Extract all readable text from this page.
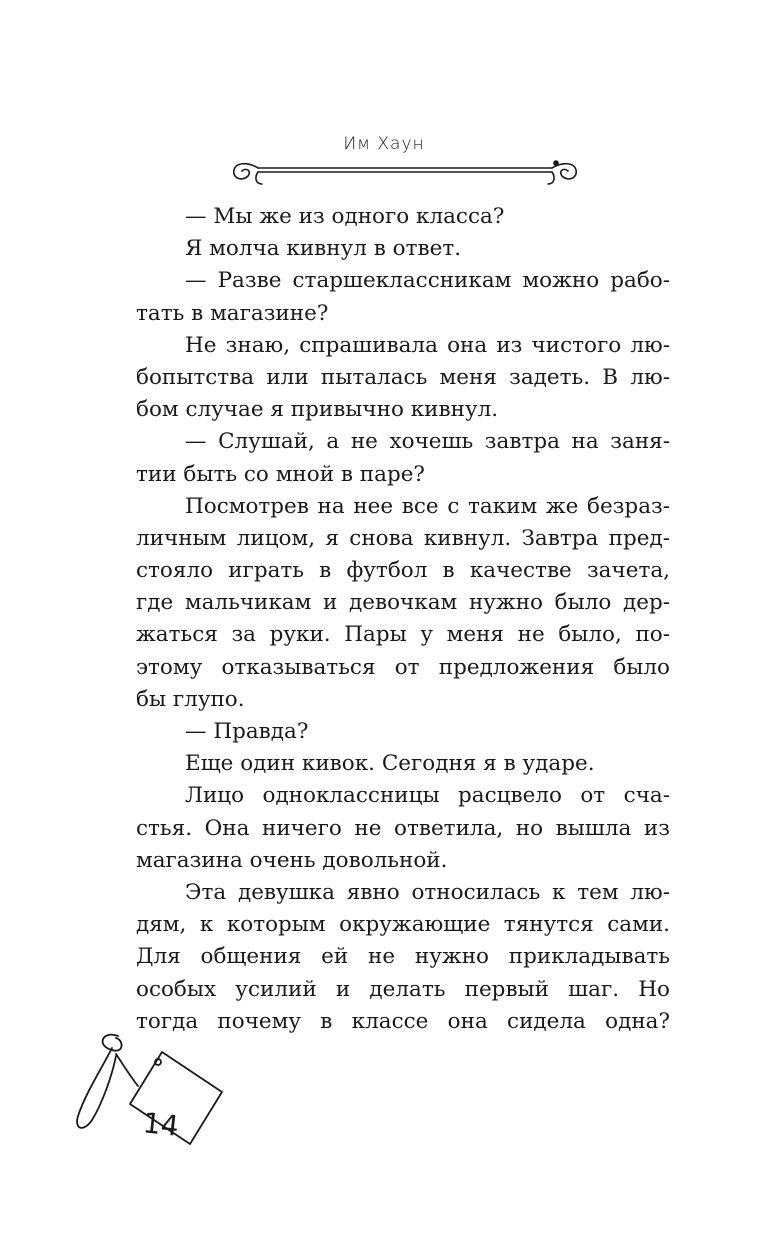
Им Хаун
— Мы же из одного класса?
Я молча кивнул в ответ.
— Разве старшеклассникам можно рабо-
тать в магазине?
Не знаю, спрашивала она из чистого лю-
бопытства или пыталась меня задеть. В лю-
бом случае я привычно кивнул.
— Слушай, а не хочешь завтра на заня-
тии быть со мной в паре?
Посмотрев на нее все с таким же безраз-
личным лицом, я снова кивнул. Завтра пред-
стояло играть в футбол в качестве зачета,
где мальчикам и девочкам нужно было дер-
жаться за руки. Пары у меня не было, по-
этому отказываться от предложения было
бы глупо.
— Правда?
Еще один кивок. Сегодня я в ударе.
Лицо одноклассницы расцвело от сча-
стья. Она ничего не ответила, но вышла из
магазина очень довольной.
Эта девушка явно относилась к тем лю-
дям, к которым окружающие тянутся сами.
Для общения ей не нужно прикладывать
особых усилий и делать первый шаг. Но
тогда почему в классе она сидела одна?
14
